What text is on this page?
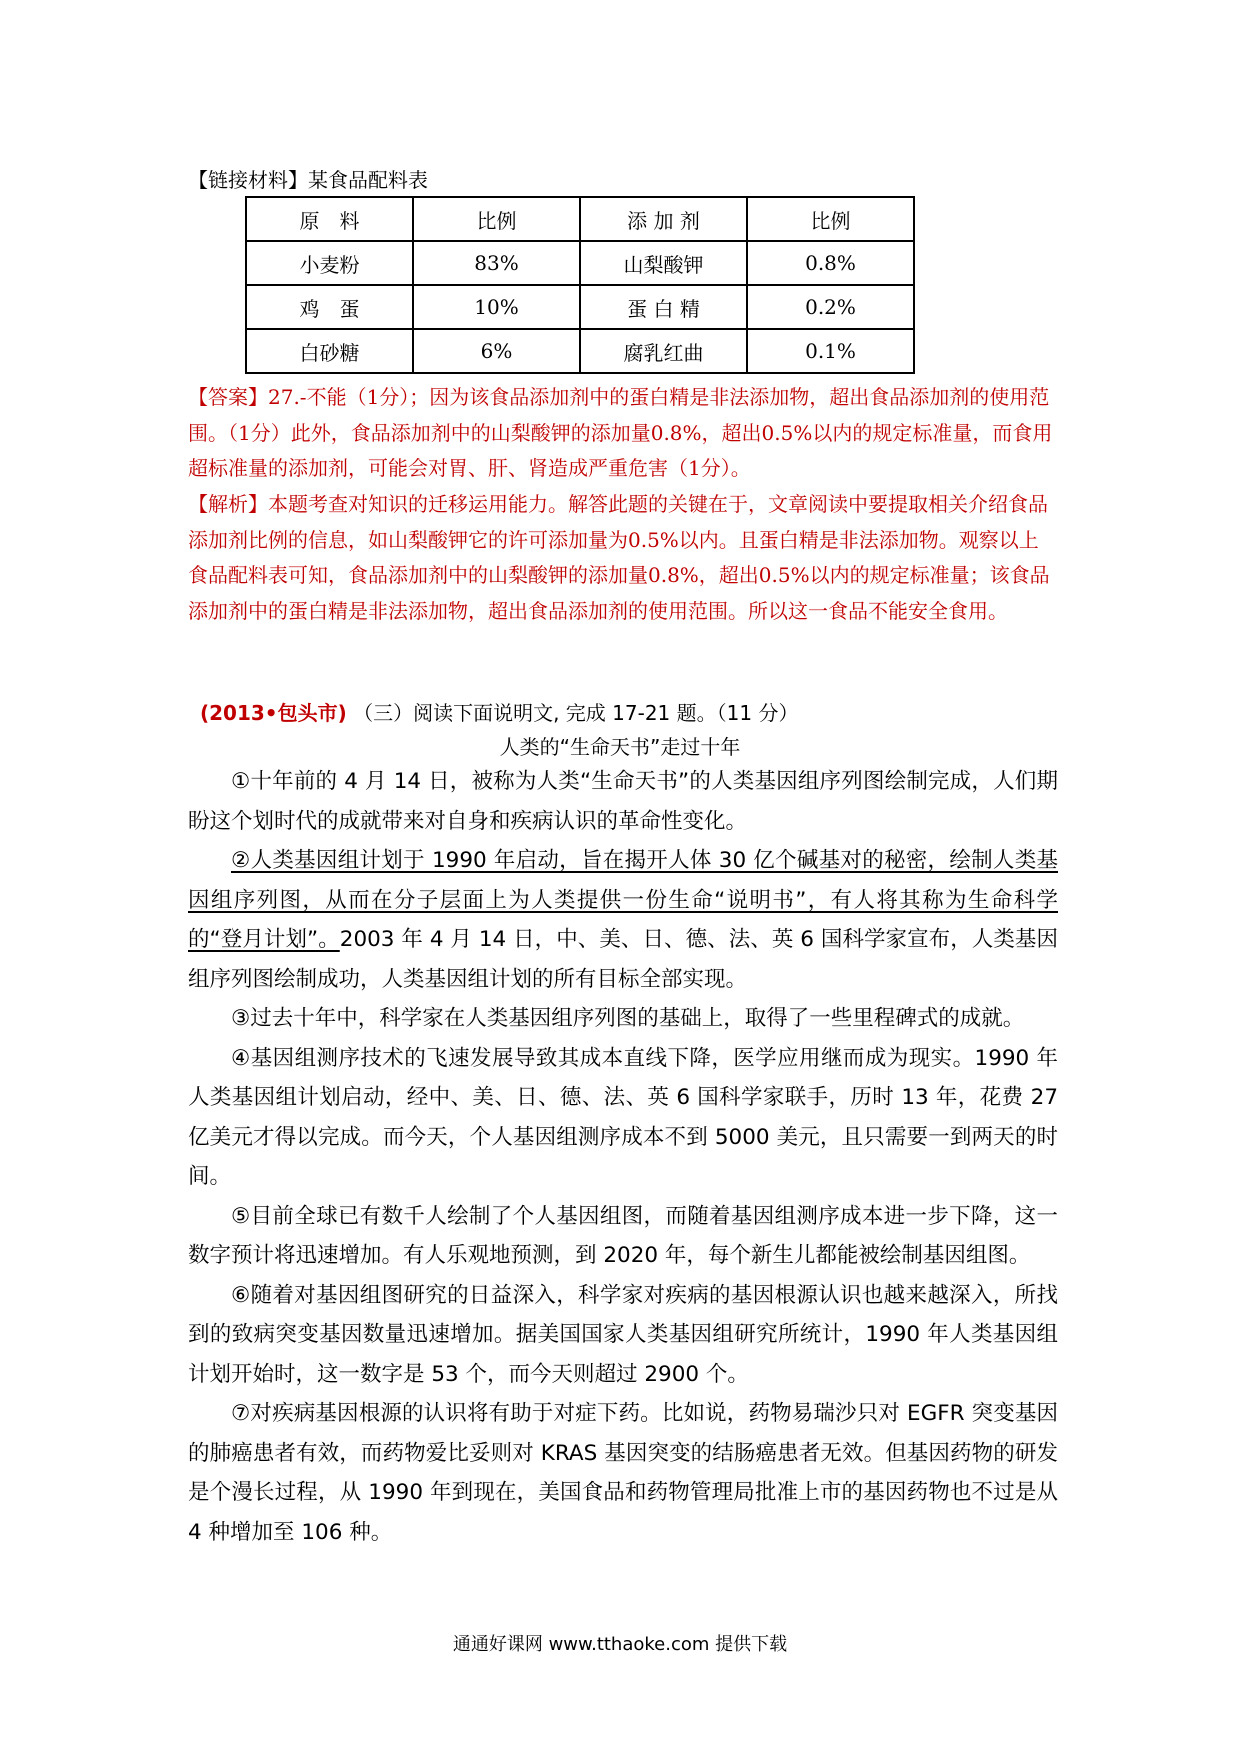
【链接材料】某食品配料表
原　料	比例	添 加 剂	比例
小麦粉	83%	山梨酸钾	0.8%
鸡　蛋	10%	蛋 白 精	0.2%
白砂糖	6%	腐乳红曲	0.1%
【答案】27.-不能（1分）；因为该食品添加剂中的蛋白精是非法添加物，超出食品添加剂的使用范围。（1分）此外，食品添加剂中的山梨酸钾的添加量0.8%，超出0.5%以内的规定标准量，而食用超标准量的添加剂，可能会对胃、肝、肾造成严重危害（1分）。
【解析】本题考查对知识的迁移运用能力。解答此题的关键在于，文章阅读中要提取相关介绍食品添加剂比例的信息，如山梨酸钾它的许可添加量为0.5%以内。且蛋白精是非法添加物。观察以上食品配料表可知，食品添加剂中的山梨酸钾的添加量0.8%，超出0.5%以内的规定标准量；该食品添加剂中的蛋白精是非法添加物，超出食品添加剂的使用范围。所以这一食品不能安全食用。
(2013•包头市) （三）阅读下面说明文, 完成 17-21 题。（11 分）
人类的“生命天书”走过十年

①十年前的 4 月 14 日，被称为人类“生命天书”的人类基因组序列图绘制完成，人们期盼这个划时代的成就带来对自身和疾病认识的革命性变化。

②人类基因组计划于 1990 年启动，旨在揭开人体 30 亿个碱基对的秘密，绘制人类基因组序列图，从而在分子层面上为人类提供一份生命“说明书”，有人将其称为生命科学的“登月计划”。2003 年 4 月 14 日，中、美、日、德、法、英 6 国科学家宣布，人类基因组序列图绘制成功，人类基因组计划的所有目标全部实现。

③过去十年中，科学家在人类基因组序列图的基础上，取得了一些里程碑式的成就。

④基因组测序技术的飞速发展导致其成本直线下降，医学应用继而成为现实。1990 年人类基因组计划启动，经中、美、日、德、法、英 6 国科学家联手，历时 13 年，花费 27 亿美元才得以完成。而今天，个人基因组测序成本不到 5000 美元，且只需要一到两天的时间。

⑤目前全球已有数千人绘制了个人基因组图，而随着基因组测序成本进一步下降，这一数字预计将迅速增加。有人乐观地预测，到 2020 年，每个新生儿都能被绘制基因组图。

⑥随着对基因组图研究的日益深入，科学家对疾病的基因根源认识也越来越深入，所找到的致病突变基因数量迅速增加。据美国国家人类基因组研究所统计，1990 年人类基因组计划开始时，这一数字是 53 个，而今天则超过 2900 个。

⑦对疾病基因根源的认识将有助于对症下药。比如说，药物易瑞沙只对 EGFR 突变基因的肺癌患者有效，而药物爱比妥则对 KRAS 基因突变的结肠癌患者无效。但基因药物的研发是个漫长过程，从 1990 年到现在，美国食品和药物管理局批准上市的基因药物也不过是从 4 种增加至 106 种。

通通好课网 www.tthaoke.com 提供下载
